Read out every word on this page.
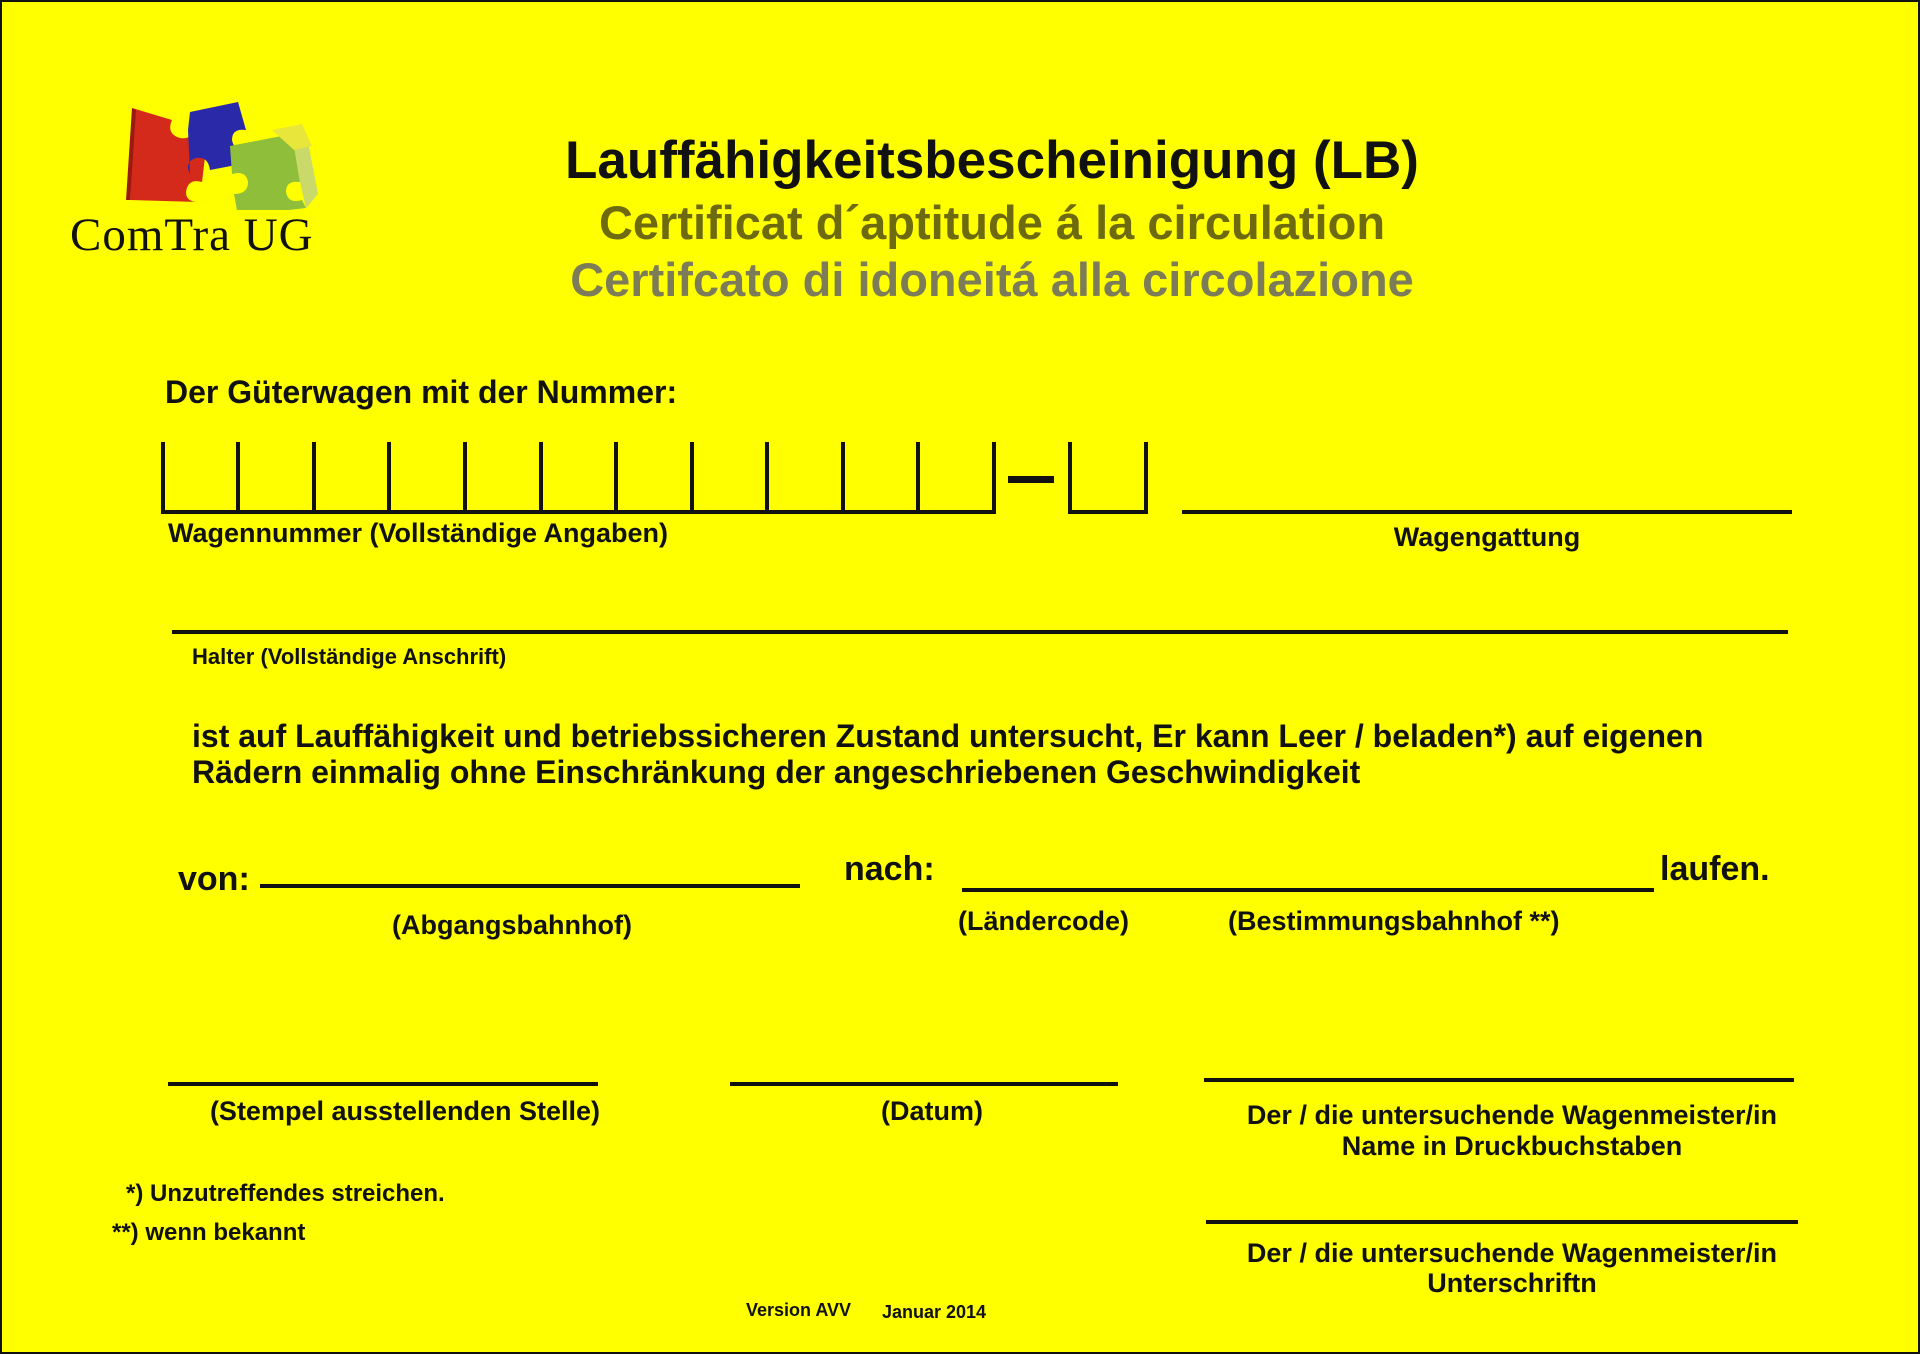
ComTra UG
Lauffähigkeitsbescheinigung (LB)
Certificat d´aptitude á la circulation
Certifcato di idoneitá alla circolazione
Der Güterwagen mit der Nummer:
Wagennummer (Vollständige Angaben)	Wagengattung
Halter (Vollständige Anschrift)
ist auf Lauffähigkeit und betriebssicheren Zustand untersucht, Er kann Leer / beladen*) auf eigenen
Rädern einmalig ohne Einschränkung der angeschriebenen Geschwindigkeit
von:
(Abgangsbahnhof)
nach:
(Ländercode)	(Bestimmungsbahnhof **)
laufen.
(Stempel ausstellenden Stelle)	(Datum)	Der / die untersuchende Wagenmeister/in
Name in Druckbuchstaben
Der / die untersuchende Wagenmeister/in
Unterschriftn
*) Unzutreffendes streichen.
**) wenn bekannt
Version AVV Januar 2014
